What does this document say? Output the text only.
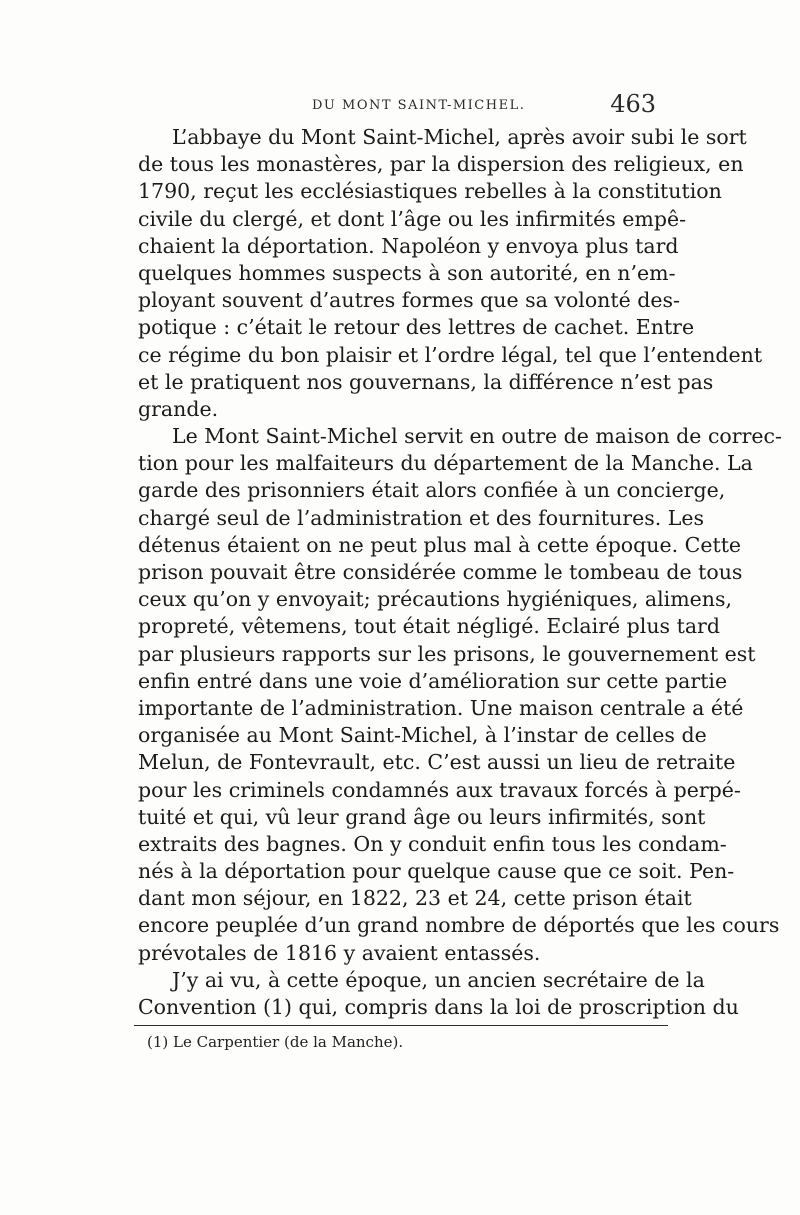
DU MONT SAINT-MICHEL.	463
L’abbaye du Mont Saint-Michel, après avoir subi le sort
de tous les monastères, par la dispersion des religieux, en
1790, reçut les ecclésiastiques rebelles à la constitution
civile du clergé, et dont l’âge ou les infirmités empê-
chaient la déportation. Napoléon y envoya plus tard
quelques hommes suspects à son autorité, en n’em-
ployant souvent d’autres formes que sa volonté des-
potique : c’était le retour des lettres de cachet. Entre
ce régime du bon plaisir et l’ordre légal, tel que l’entendent
et le pratiquent nos gouvernans, la différence n’est pas
grande.
Le Mont Saint-Michel servit en outre de maison de correc-
tion pour les malfaiteurs du département de la Manche. La
garde des prisonniers était alors confiée à un concierge,
chargé seul de l’administration et des fournitures. Les
détenus étaient on ne peut plus mal à cette époque. Cette
prison pouvait être considérée comme le tombeau de tous
ceux qu’on y envoyait; précautions hygiéniques, alimens,
propreté, vêtemens, tout était négligé. Eclairé plus tard
par plusieurs rapports sur les prisons, le gouvernement est
enfin entré dans une voie d’amélioration sur cette partie
importante de l’administration. Une maison centrale a été
organisée au Mont Saint-Michel, à l’instar de celles de
Melun, de Fontevrault, etc. C’est aussi un lieu de retraite
pour les criminels condamnés aux travaux forcés à perpé-
tuité et qui, vû leur grand âge ou leurs infirmités, sont
extraits des bagnes. On y conduit enfin tous les condam-
nés à la déportation pour quelque cause que ce soit. Pen-
dant mon séjour, en 1822, 23 et 24, cette prison était
encore peuplée d’un grand nombre de déportés que les cours
prévotales de 1816 y avaient entassés.
J’y ai vu, à cette époque, un ancien secrétaire de la
Convention (1) qui, compris dans la loi de proscription du
(1) Le Carpentier (de la Manche).
